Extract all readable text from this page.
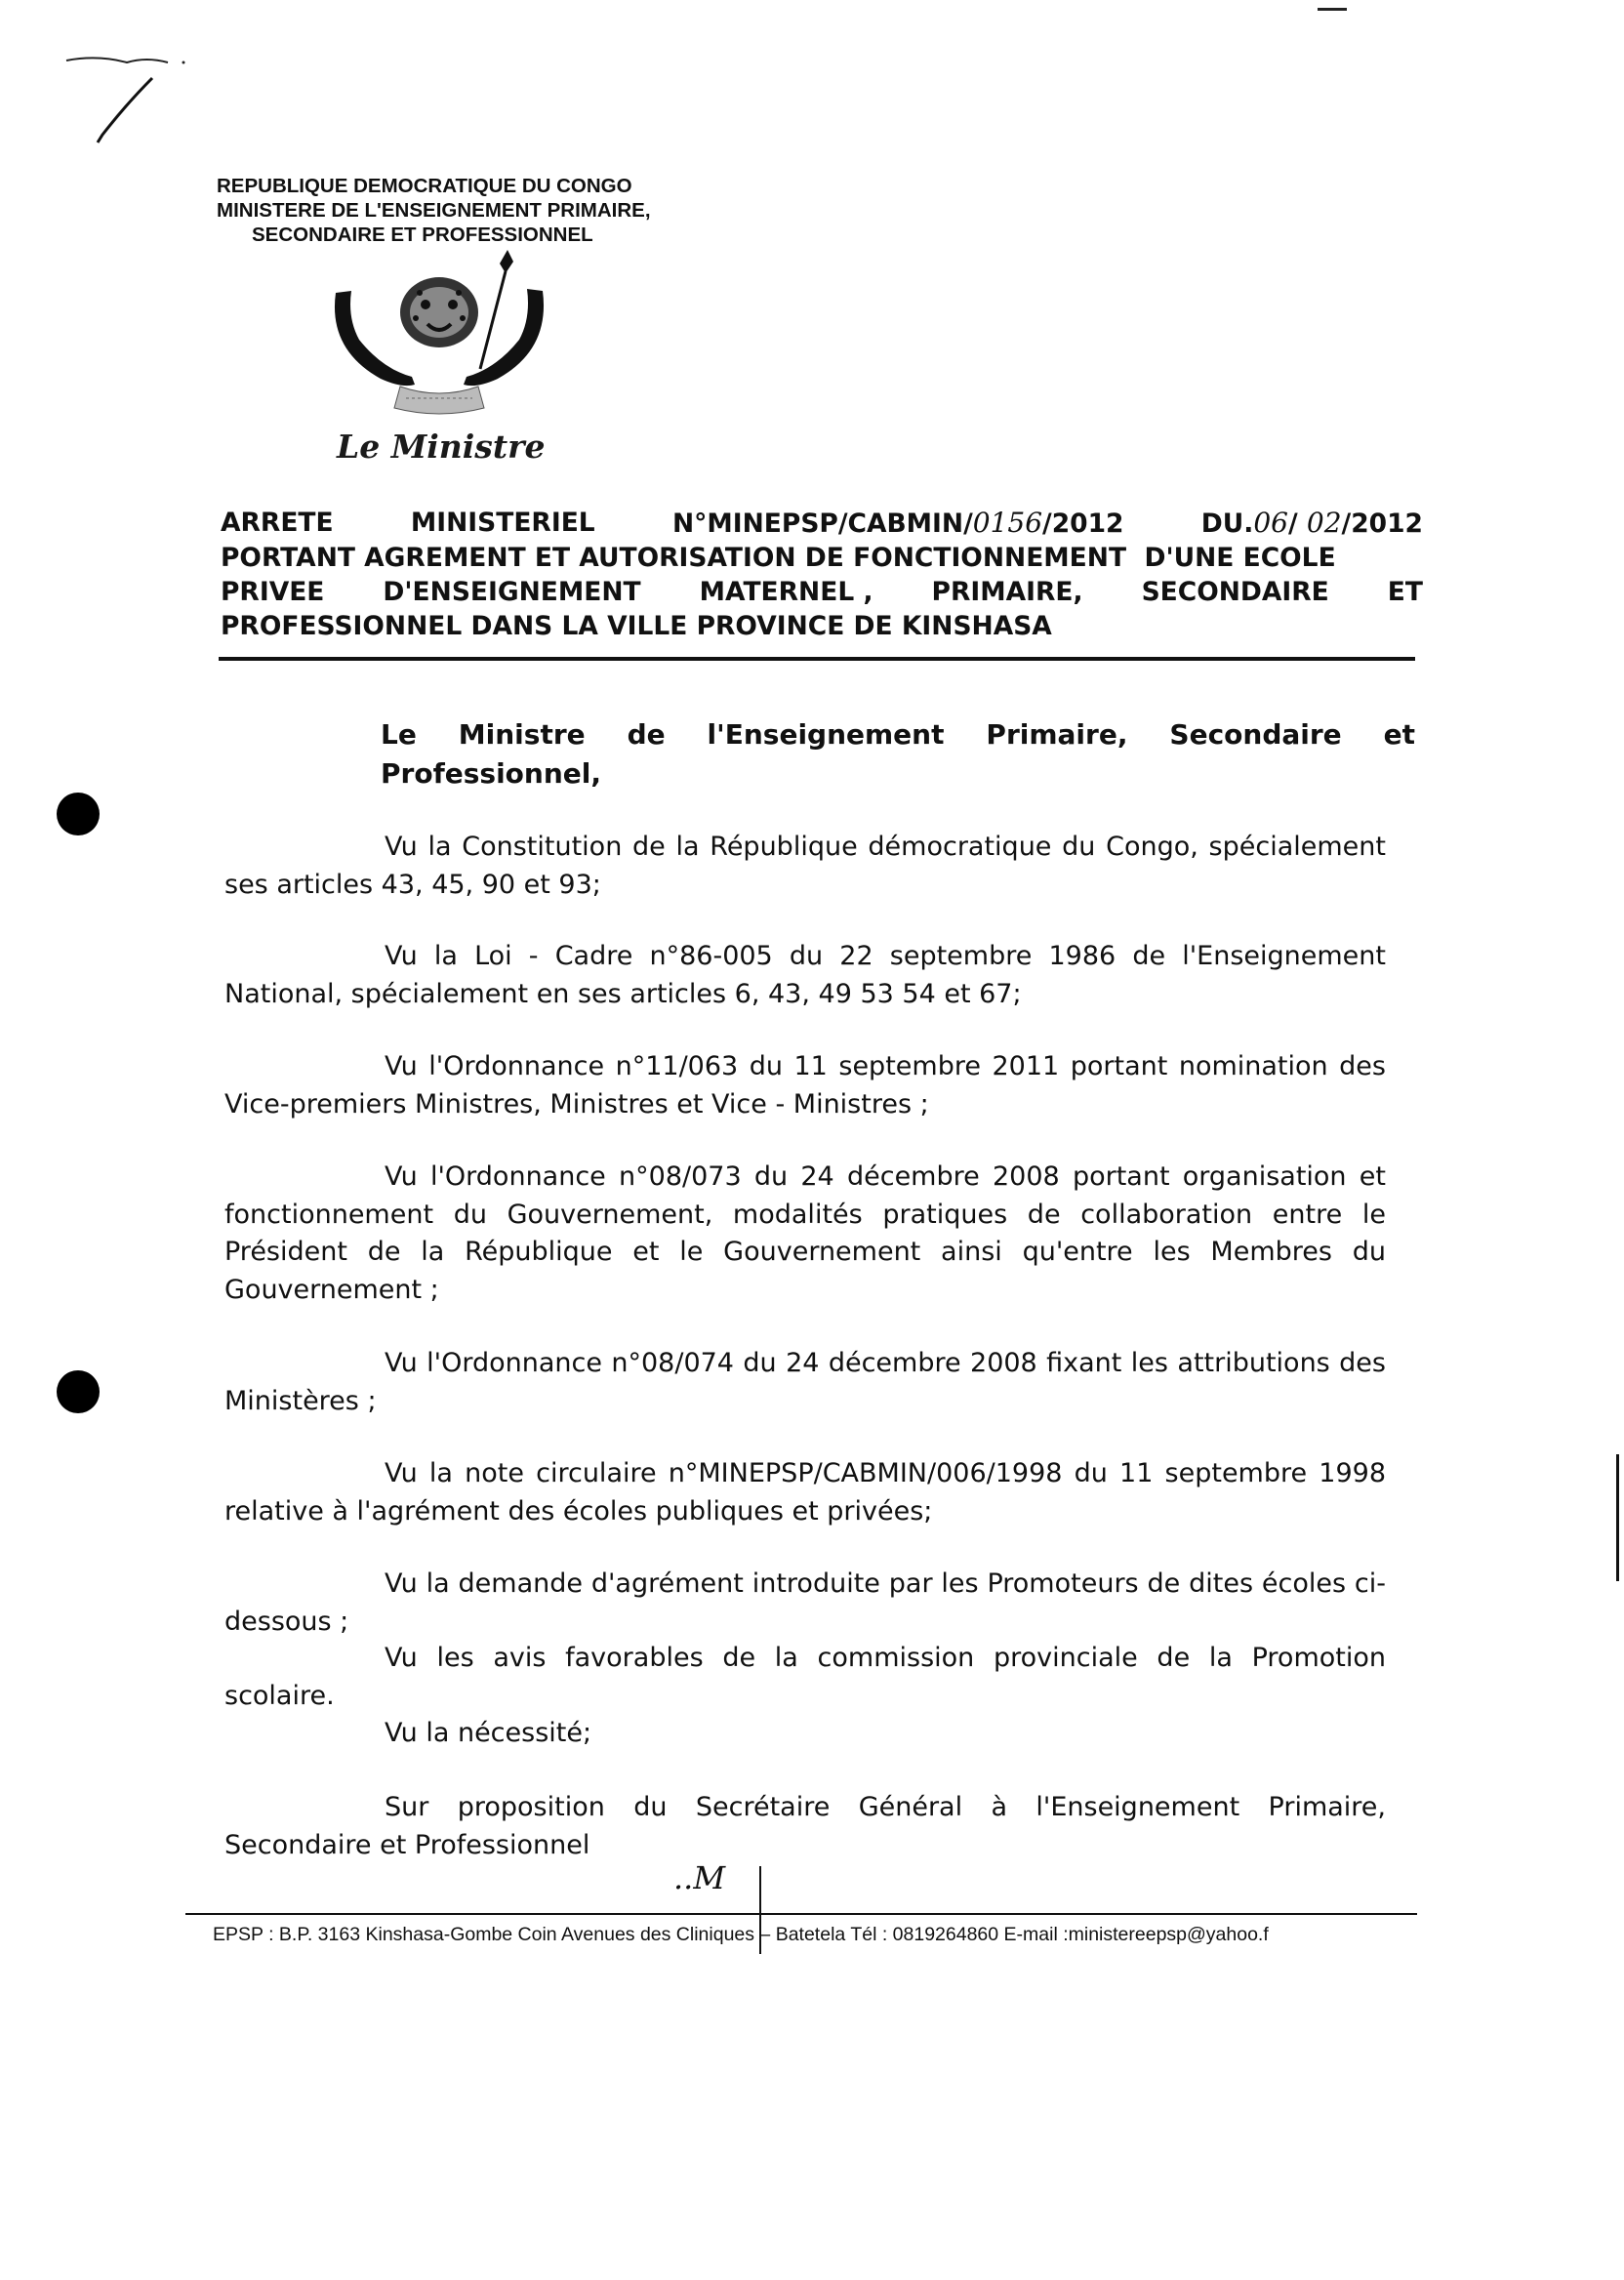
REPUBLIQUE DEMOCRATIQUE DU CONGO
MINISTERE DE L'ENSEIGNEMENT PRIMAIRE,
SECONDAIRE ET PROFESSIONNEL
Le Ministre
ARRETE	MINISTERIEL	N°MINEPSP/CABMIN/0156/2012	DU.06/ 02/2012
PORTANT AGREMENT ET AUTORISATION DE FONCTIONNEMENT  D'UNE ECOLE
PRIVEE D'ENSEIGNEMENT MATERNEL , PRIMAIRE, SECONDAIRE ET
PROFESSIONNEL DANS LA VILLE PROVINCE DE KINSHASA
Le Ministre de l'Enseignement Primaire, Secondaire et
Professionnel,
Vu la Constitution de la République démocratique du Congo, spécialement ses articles 43, 45, 90 et 93;
Vu la Loi - Cadre n°86-005 du 22 septembre 1986 de l'Enseignement National, spécialement en ses articles 6, 43, 49 53 54 et 67;
Vu l'Ordonnance n°11/063 du 11 septembre 2011 portant nomination des Vice-premiers Ministres, Ministres et Vice - Ministres ;
Vu l'Ordonnance n°08/073 du 24 décembre 2008 portant organisation et fonctionnement du Gouvernement, modalités pratiques de collaboration entre le Président de la République et le Gouvernement ainsi qu'entre les Membres du Gouvernement ;
Vu l'Ordonnance n°08/074 du 24 décembre 2008 fixant les attributions des Ministères ;
Vu la note circulaire n°MINEPSP/CABMIN/006/1998 du 11 septembre 1998 relative à l'agrément des écoles publiques et privées;
Vu la demande d'agrément introduite par les Promoteurs de dites écoles ci-dessous ;
Vu les avis favorables de la commission provinciale de la Promotion scolaire.
Vu la nécessité;
Sur proposition du Secrétaire Général à l'Enseignement Primaire, Secondaire et Professionnel
..M
EPSP : B.P. 3163 Kinshasa-Gombe Coin Avenues des Cliniques – Batetela Tél : 0819264860 E-mail :ministereepsp@yahoo.f
